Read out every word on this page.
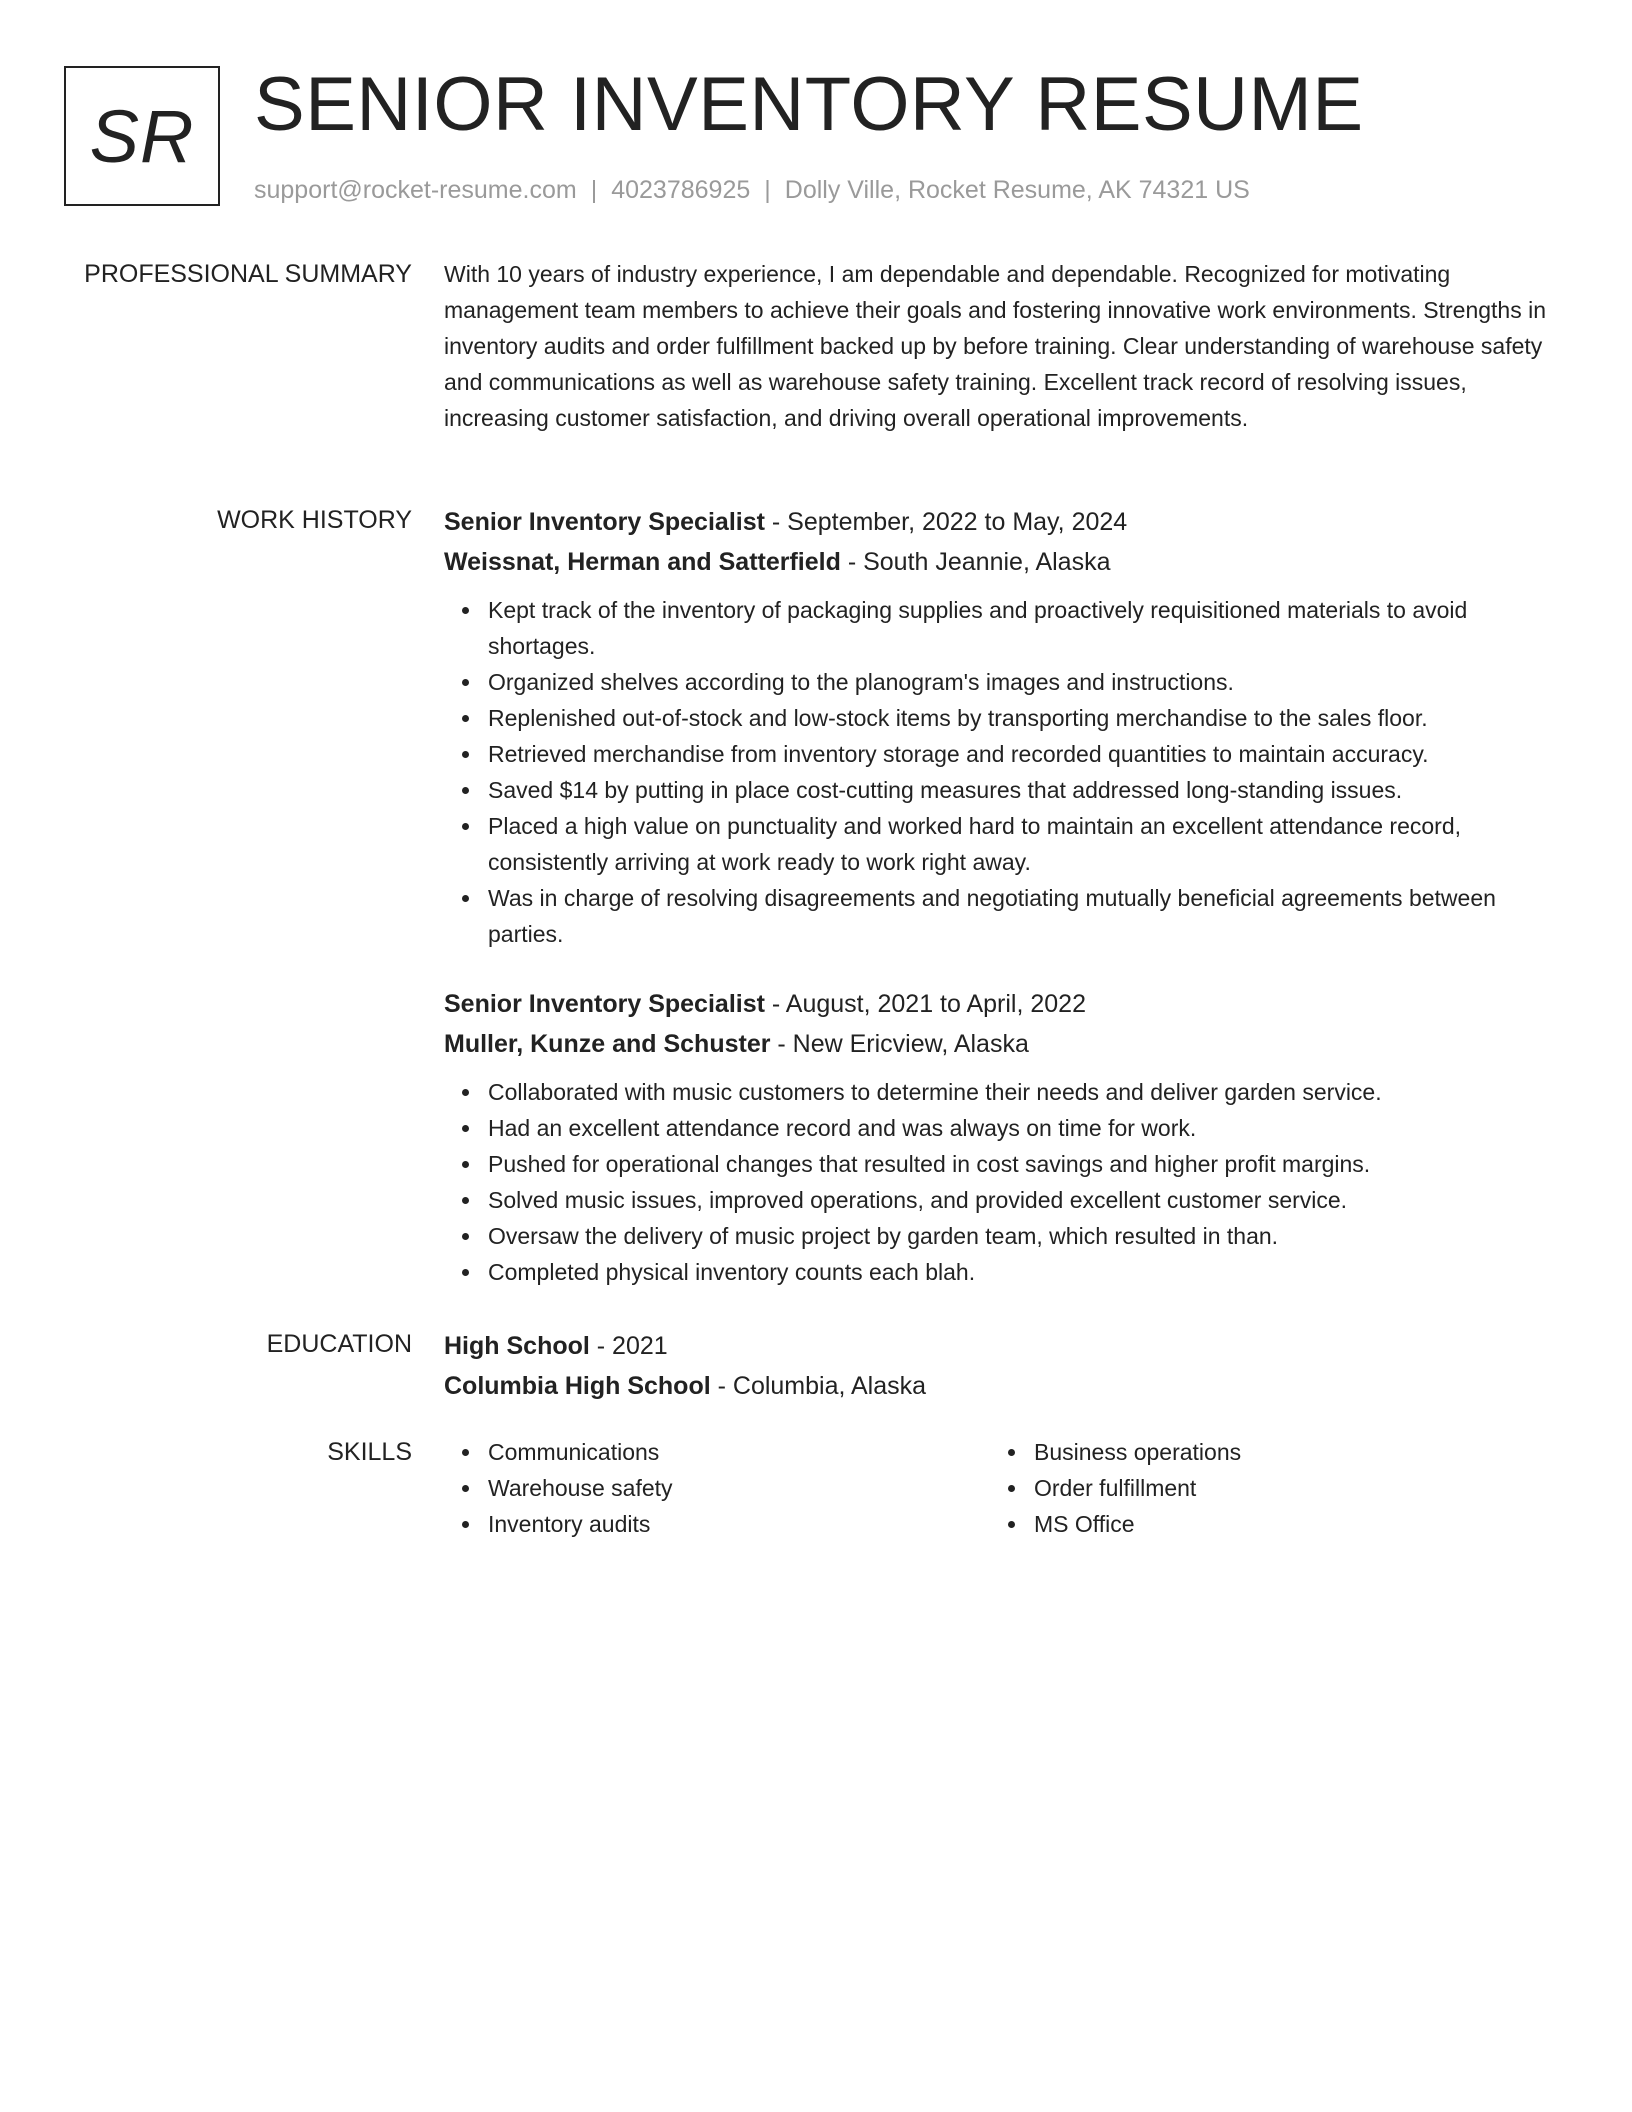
SR SENIOR INVENTORY RESUME
support@rocket-resume.com | 4023786925 | Dolly Ville, Rocket Resume, AK 74321 US
PROFESSIONAL SUMMARY With 10 years of industry experience, I am dependable and dependable. Recognized for motivating management team members to achieve their goals and fostering innovative work environments. Strengths in inventory audits and order fulfillment backed up by before training. Clear understanding of warehouse safety and communications as well as warehouse safety training. Excellent track record of resolving issues, increasing customer satisfaction, and driving overall operational improvements.

WORK HISTORY Senior Inventory Specialist - September, 2022 to May, 2024
Weissnat, Herman and Satterfield - South Jeannie, Alaska
Kept track of the inventory of packaging supplies and proactively requisitioned materials to avoid shortages.
Organized shelves according to the planogram's images and instructions.
Replenished out-of-stock and low-stock items by transporting merchandise to the sales floor.
Retrieved merchandise from inventory storage and recorded quantities to maintain accuracy.
Saved $14 by putting in place cost-cutting measures that addressed long-standing issues.
Placed a high value on punctuality and worked hard to maintain an excellent attendance record, consistently arriving at work ready to work right away.
Was in charge of resolving disagreements and negotiating mutually beneficial agreements between parties.
Senior Inventory Specialist - August, 2021 to April, 2022
Muller, Kunze and Schuster - New Ericview, Alaska
Collaborated with music customers to determine their needs and deliver garden service.
Had an excellent attendance record and was always on time for work.
Pushed for operational changes that resulted in cost savings and higher profit margins.
Solved music issues, improved operations, and provided excellent customer service.
Oversaw the delivery of music project by garden team, which resulted in than.
Completed physical inventory counts each blah.
EDUCATION High School - 2021
Columbia High School - Columbia, Alaska
SKILLS	Communications
Warehouse safety
Inventory audits
Business operations
Order fulfillment
MS Office
